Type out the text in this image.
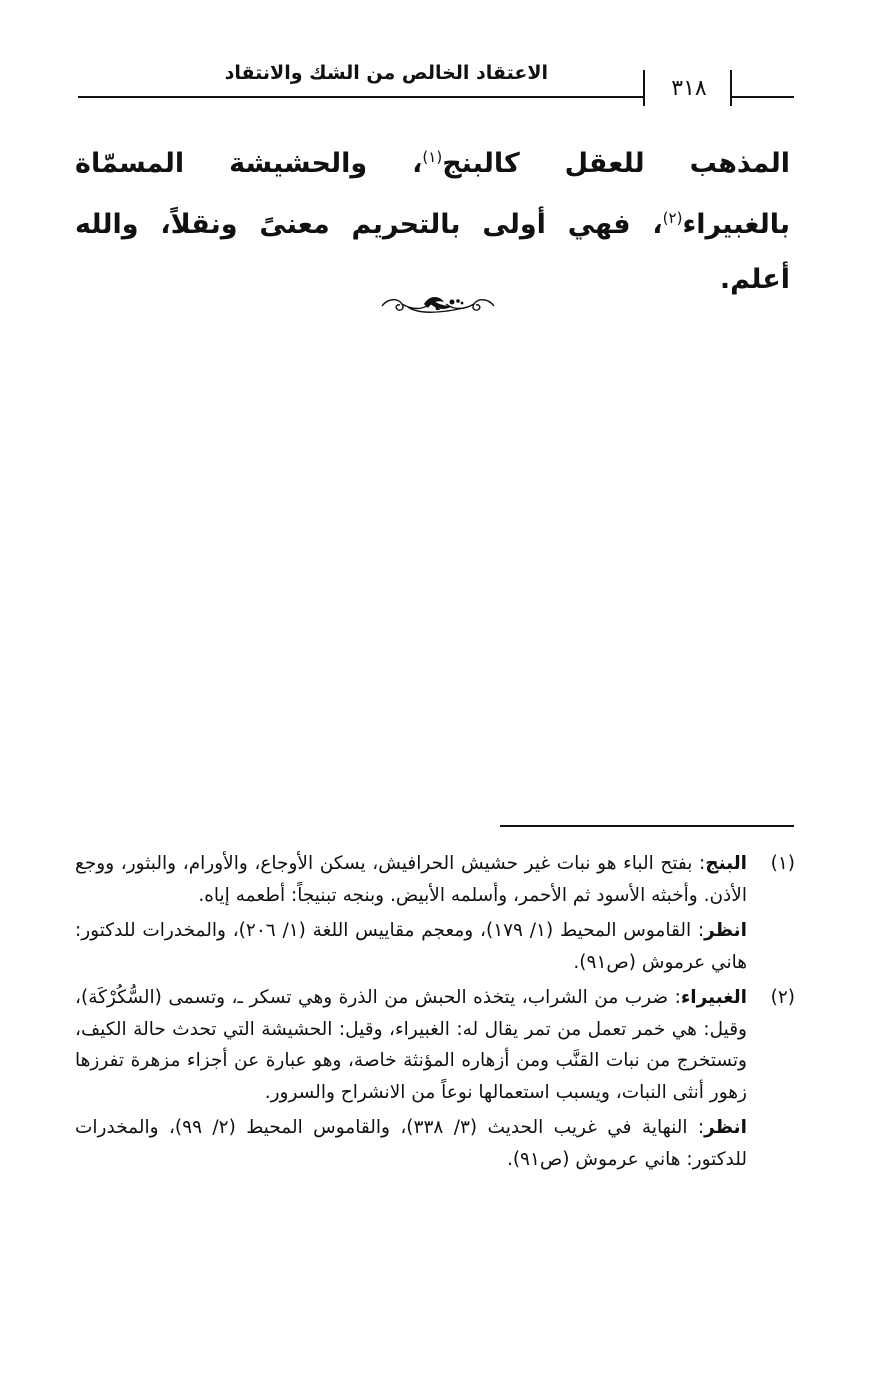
الاعتقاد الخالص من الشك والانتقاد
٣١٨
المذهب للعقل كالبنج$^{(١)}$، والحشيشة المسمّاة بالغبيراء$^{(٢)}$، فهي أولى بالتحريم معنىً ونقلاً، والله أعلم.
(١)

البنج: بفتح الباء هو نبات غير حشيش الحرافيش، يسكن الأوجاع، والأورام، والبثور، ووجع الأذن. وأخبثه الأسود ثم الأحمر، وأسلمه الأبيض. وبنجه تبنيجاً: أطعمه إياه.

انظر: القاموس المحيط (١/ ١٧٩)، ومعجم مقاييس اللغة (١/ ٢٠٦)، والمخدرات للدكتور: هاني عرموش (ص٩١).

(٢)

الغبيراء: ضرب من الشراب، يتخذه الحبش من الذرة وهي تسكر ـ، وتسمى (السُّكُرْكَة)، وقيل: هي خمر تعمل من تمر يقال له: الغبيراء، وقيل: الحشيشة التي تحدث حالة الكيف، وتستخرج من نبات القنَّب ومن أزهاره المؤنثة خاصة، وهو عبارة عن أجزاء مزهرة تفرزها زهور أنثى النبات، ويسبب استعمالها نوعاً من الانشراح والسرور.

انظر: النهاية في غريب الحديث (٣/ ٣٣٨)، والقاموس المحيط (٢/ ٩٩)، والمخدرات للدكتور: هاني عرموش (ص٩١).
